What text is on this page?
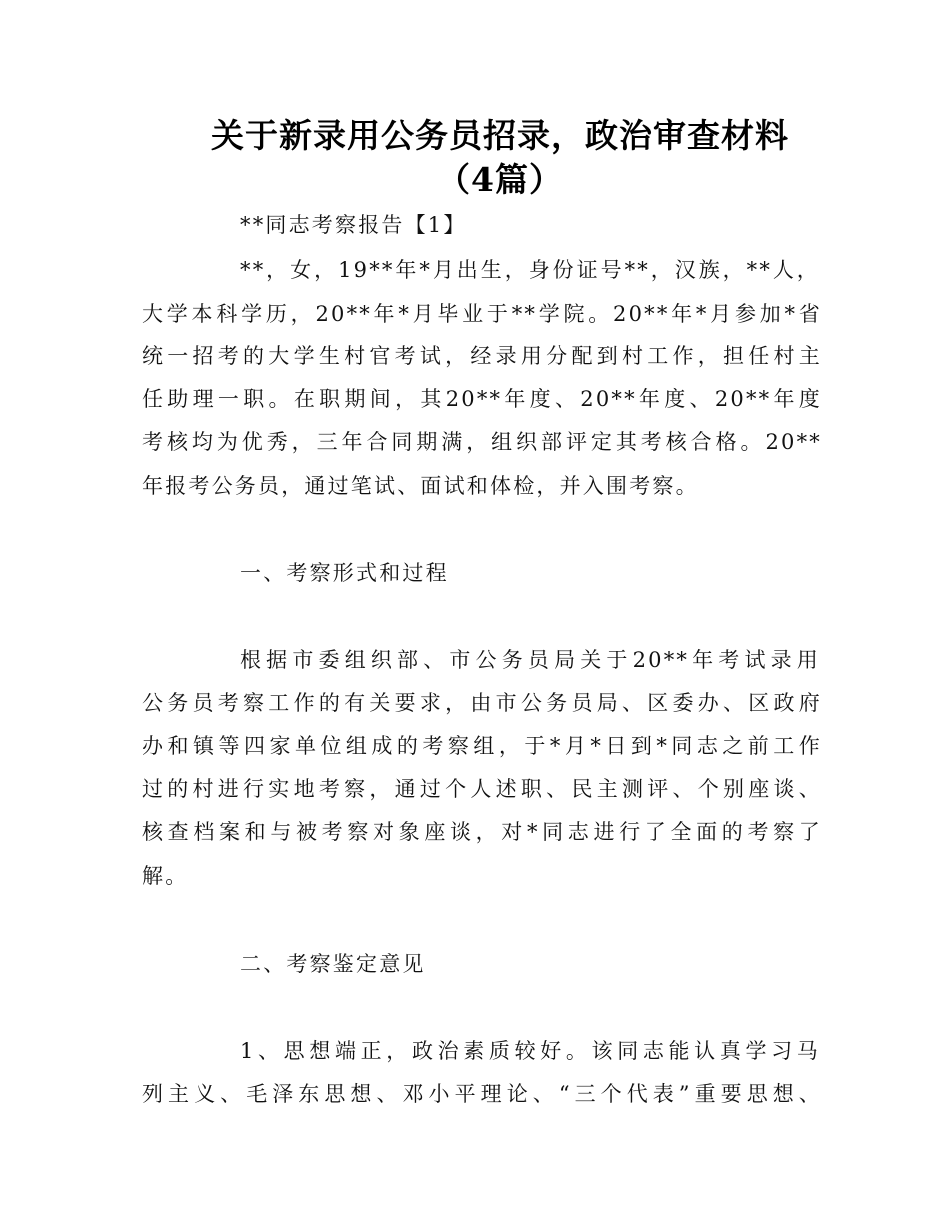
关于新录用公务员招录，政治审查材料
（4篇）

**同志考察报告【1】

**，女，19**年*月出生，身份证号**，汉族，**人，

大学本科学历，20**年*月毕业于**学院。20**年*月参加*省

统一招考的大学生村官考试，经录用分配到村工作，担任村主

任助理一职。在职期间，其20**年度、20**年度、20**年度

考核均为优秀，三年合同期满，组织部评定其考核合格。20**

年报考公务员，通过笔试、面试和体检，并入围考察。

一、考察形式和过程

根据市委组织部、市公务员局关于20**年考试录用

公务员考察工作的有关要求，由市公务员局、区委办、区政府

办和镇等四家单位组成的考察组，于*月*日到*同志之前工作

过的村进行实地考察，通过个人述职、民主测评、个别座谈、

核查档案和与被考察对象座谈，对*同志进行了全面的考察了

解。

二、考察鉴定意见

1、思想端正，政治素质较好。该同志能认真学习马

列主义、毛泽东思想、邓小平理论、“三个代表”重要思想、
